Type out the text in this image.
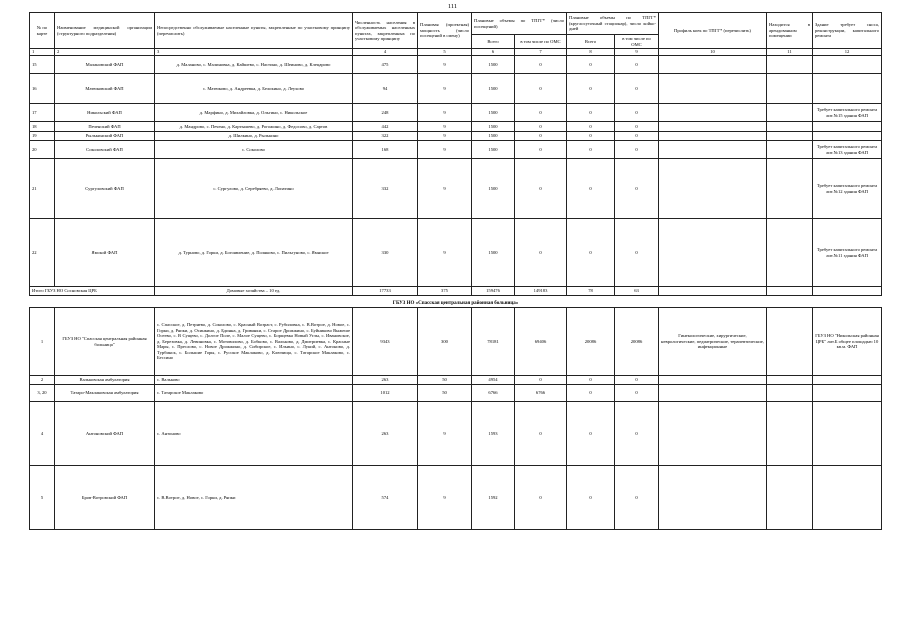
111
№ по карте	Наименование медицинской организации (структурного подразделения)	Непосредственно обслуживаемые населенные пункты, закрепленные по участковому принципу (перечислить)	Численность населения в обслуживаемых населенных пунктах, закрепленных по участковому принципу	Плановая (проектная) мощность (число посещений в смену)	Плановые объемы по ТПГГ* (число посещений)		Плановые объемы по ТПГГ* (круглосуточный стационар), число койко-дней		Профиль коек по ТПГГ* (перечислить)	Находится в арендованном помещении	Здание требует сноса, реконструкции, капитального ремонта
					Всего	в том числе по ОМС	Всего	в том числе по ОМС			
1	2	3	4	5	6	7	8	9	10	11	12
15	Малановский ФАП	д. Маланово, с. Малиновка, д. Кайшево, с. Настино, д. Шеиново, д. Клецарово	475	9	1500	0	0	0			
16	Матюковский ФАП	с. Матюково, д. Андреевка, д. Белокино, д. Леухово	94	9	1500	0	0	0			
17	Никольский ФАП	д. Марфино, д. Михайловка, д. Ольгино, с. Никольское	248	9	1500	0	0	0			Требует капитального ремонта лит.№15 здания ФАП
18	Печенский ФАП	д. Мандрово, с. Печено, д. Картышево, д. Рогожино, д. Федосово, д. Сартов	442	9	1500	0	0	0			
19	Рылькинский ФАП	д. Шилкино, д. Рылькино	322	9	1500	0	0	0			
20	Соколовский ФАП	с. Соколово	168	9	1500	0	0	0			Требует капитального ремонта лит.№13 здания ФАП
21	Сургуловский ФАП	с. Сургулово, д. Серебряево, д. Лопатино	332	9	1500	0	0	0			Требует капитального ремонта лит.№12 здания ФАП
22	Ямской ФАП	д. Турново, д. Горки, д. Богоявление, д. Поляково, с. Пильгуново, с. Ямнское	330	9	1500	0	0	0			Требует капитального ремонта лит.№11 здания ФАП
Итого ГБУЗ НО Сосновская ЦРБ		Домовые хозяйства – 10 ед.	17733	375	159476	149183	78	63			
ГБУЗ НО «Спасская центральная районная больница»											
1	ГБУЗ НО "Спасская центральная районная больница"	с. Спасское, д. Петряево, д. Соколово, с. Красный Возраст, с. Рубиловка, с. В.Вотрое, д. Новое, с. Горки, д. Ряпки, д. Осинкино, д. Бдинна, д. Гриванки, с. Старое Дрожжино, с. Буйниково Выжеше Осеево, с. В Сущево, с. Долгое Поле, с. Малое Сущево, с. Борщевка Новый Углы, с. Ивановское, д. Березовка, д. Левиновка, с. Мотовилово, д. Бобково, с. Вальково, д. Дмитриевка, с. Красные Мары, с. Преслово, с. Новое Дрожжино, д. Сибирское, с. Ильино, с. Лукий, с. Антоново, д. Турбинск, с. Большие Горы, с. Русское Маклаково, д. Ключища, с. Татарское Маклаково, с. Бессино	9343	300	78181	69406	20086	20086	Гинекологические, хирургические, неврологические, педиатрические, терапевтические, инфекционные		ГБУЗ НО "Никольская районная ЦРБ" лит.Б общее площадью 10 кв.м. ФАП
2	Вальковская амбулатория	с. Вальково	263	50	4954	0	0	0			
3, 20	Татаро-Маклаковская амбулатория	с. Татарское Маклаково	1012	50	6766	6766	0	0			
4	Антоновский ФАП	с. Антоново	263	9	1593	0	0	0			
5	Бров-Вотровский ФАП	с. В.Вотрое, д. Новое, с. Горки, д. Ряпки	574	9	1592	0	0	0			
